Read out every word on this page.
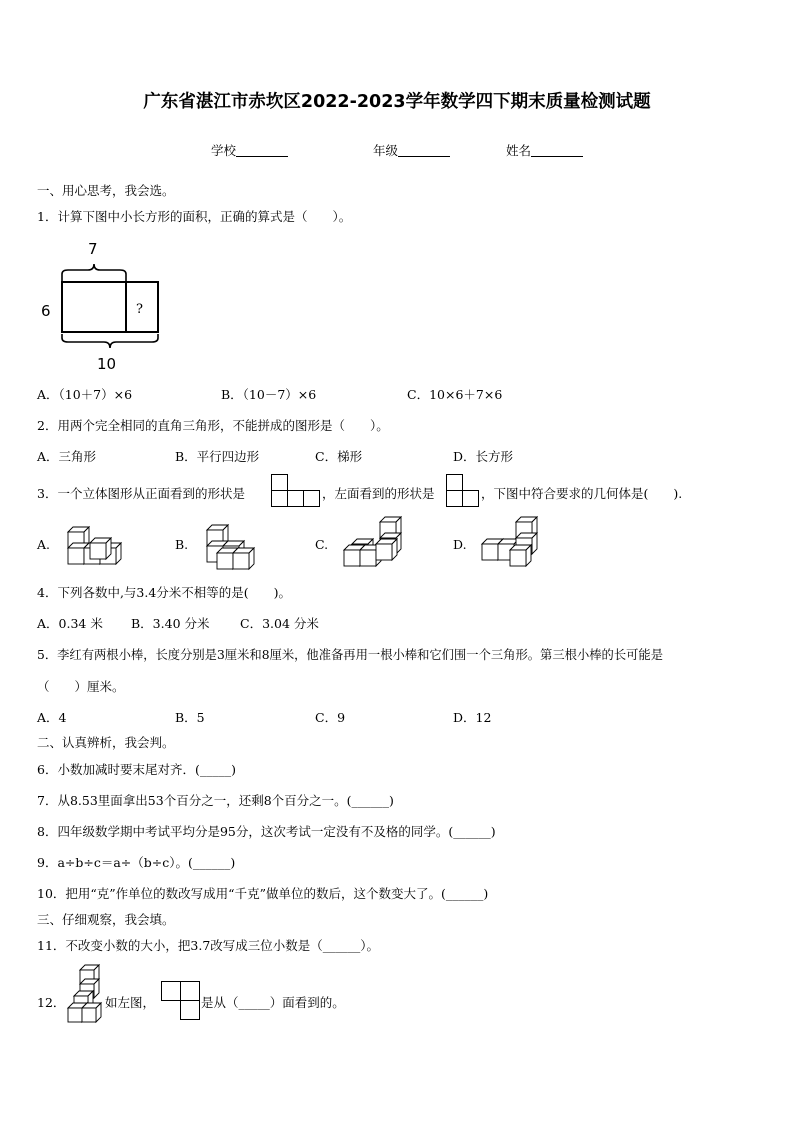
广东省湛江市赤坎区2022-2023学年数学四下期末质量检测试题
学校	年级	姓名
一、用心思考，我会选。
1．计算下图中小长方形的面积，正确的算式是（　　）。
7
6
10
?
A．（10＋7）×6	B．（10－7）×6	C．10×6＋7×6
2．用两个完全相同的直角三角形，不能拼成的图形是（　　）。
A．三角形	B．平行四边形	C．梯形	D．长方形
3．一个立体图形从正面看到的形状是	，左面看到的形状是	，下图中符合要求的几何体是(　　).
A.	B.	C.	D.
4．下列各数中,与3.4分米不相等的是(　　)。
A．0.34 米 B．3.40 分米 C．3.04 分米
5．李红有两根小棒，长度分别是3厘米和8厘米，他准备再用一根小棒和它们围一个三角形。第三根小棒的长可能是
（　　）厘米。
A．4	B．5	C．9	D．12
二、认真辨析，我会判。
6．小数加减时要末尾对齐．(_____)
7．从8.53里面拿出53个百分之一，还剩8个百分之一。(______)
8．四年级数学期中考试平均分是95分，这次考试一定没有不及格的同学。(______)
9．a÷b÷c＝a÷（b÷c）。(______)
10．把用“克”作单位的数改写成用“千克”做单位的数后，这个数变大了。(______)
三、仔细观察，我会填。
11．不改变小数的大小，把3.7改写成三位小数是（______）。
12．	如左图，	是从（_____）面看到的。
